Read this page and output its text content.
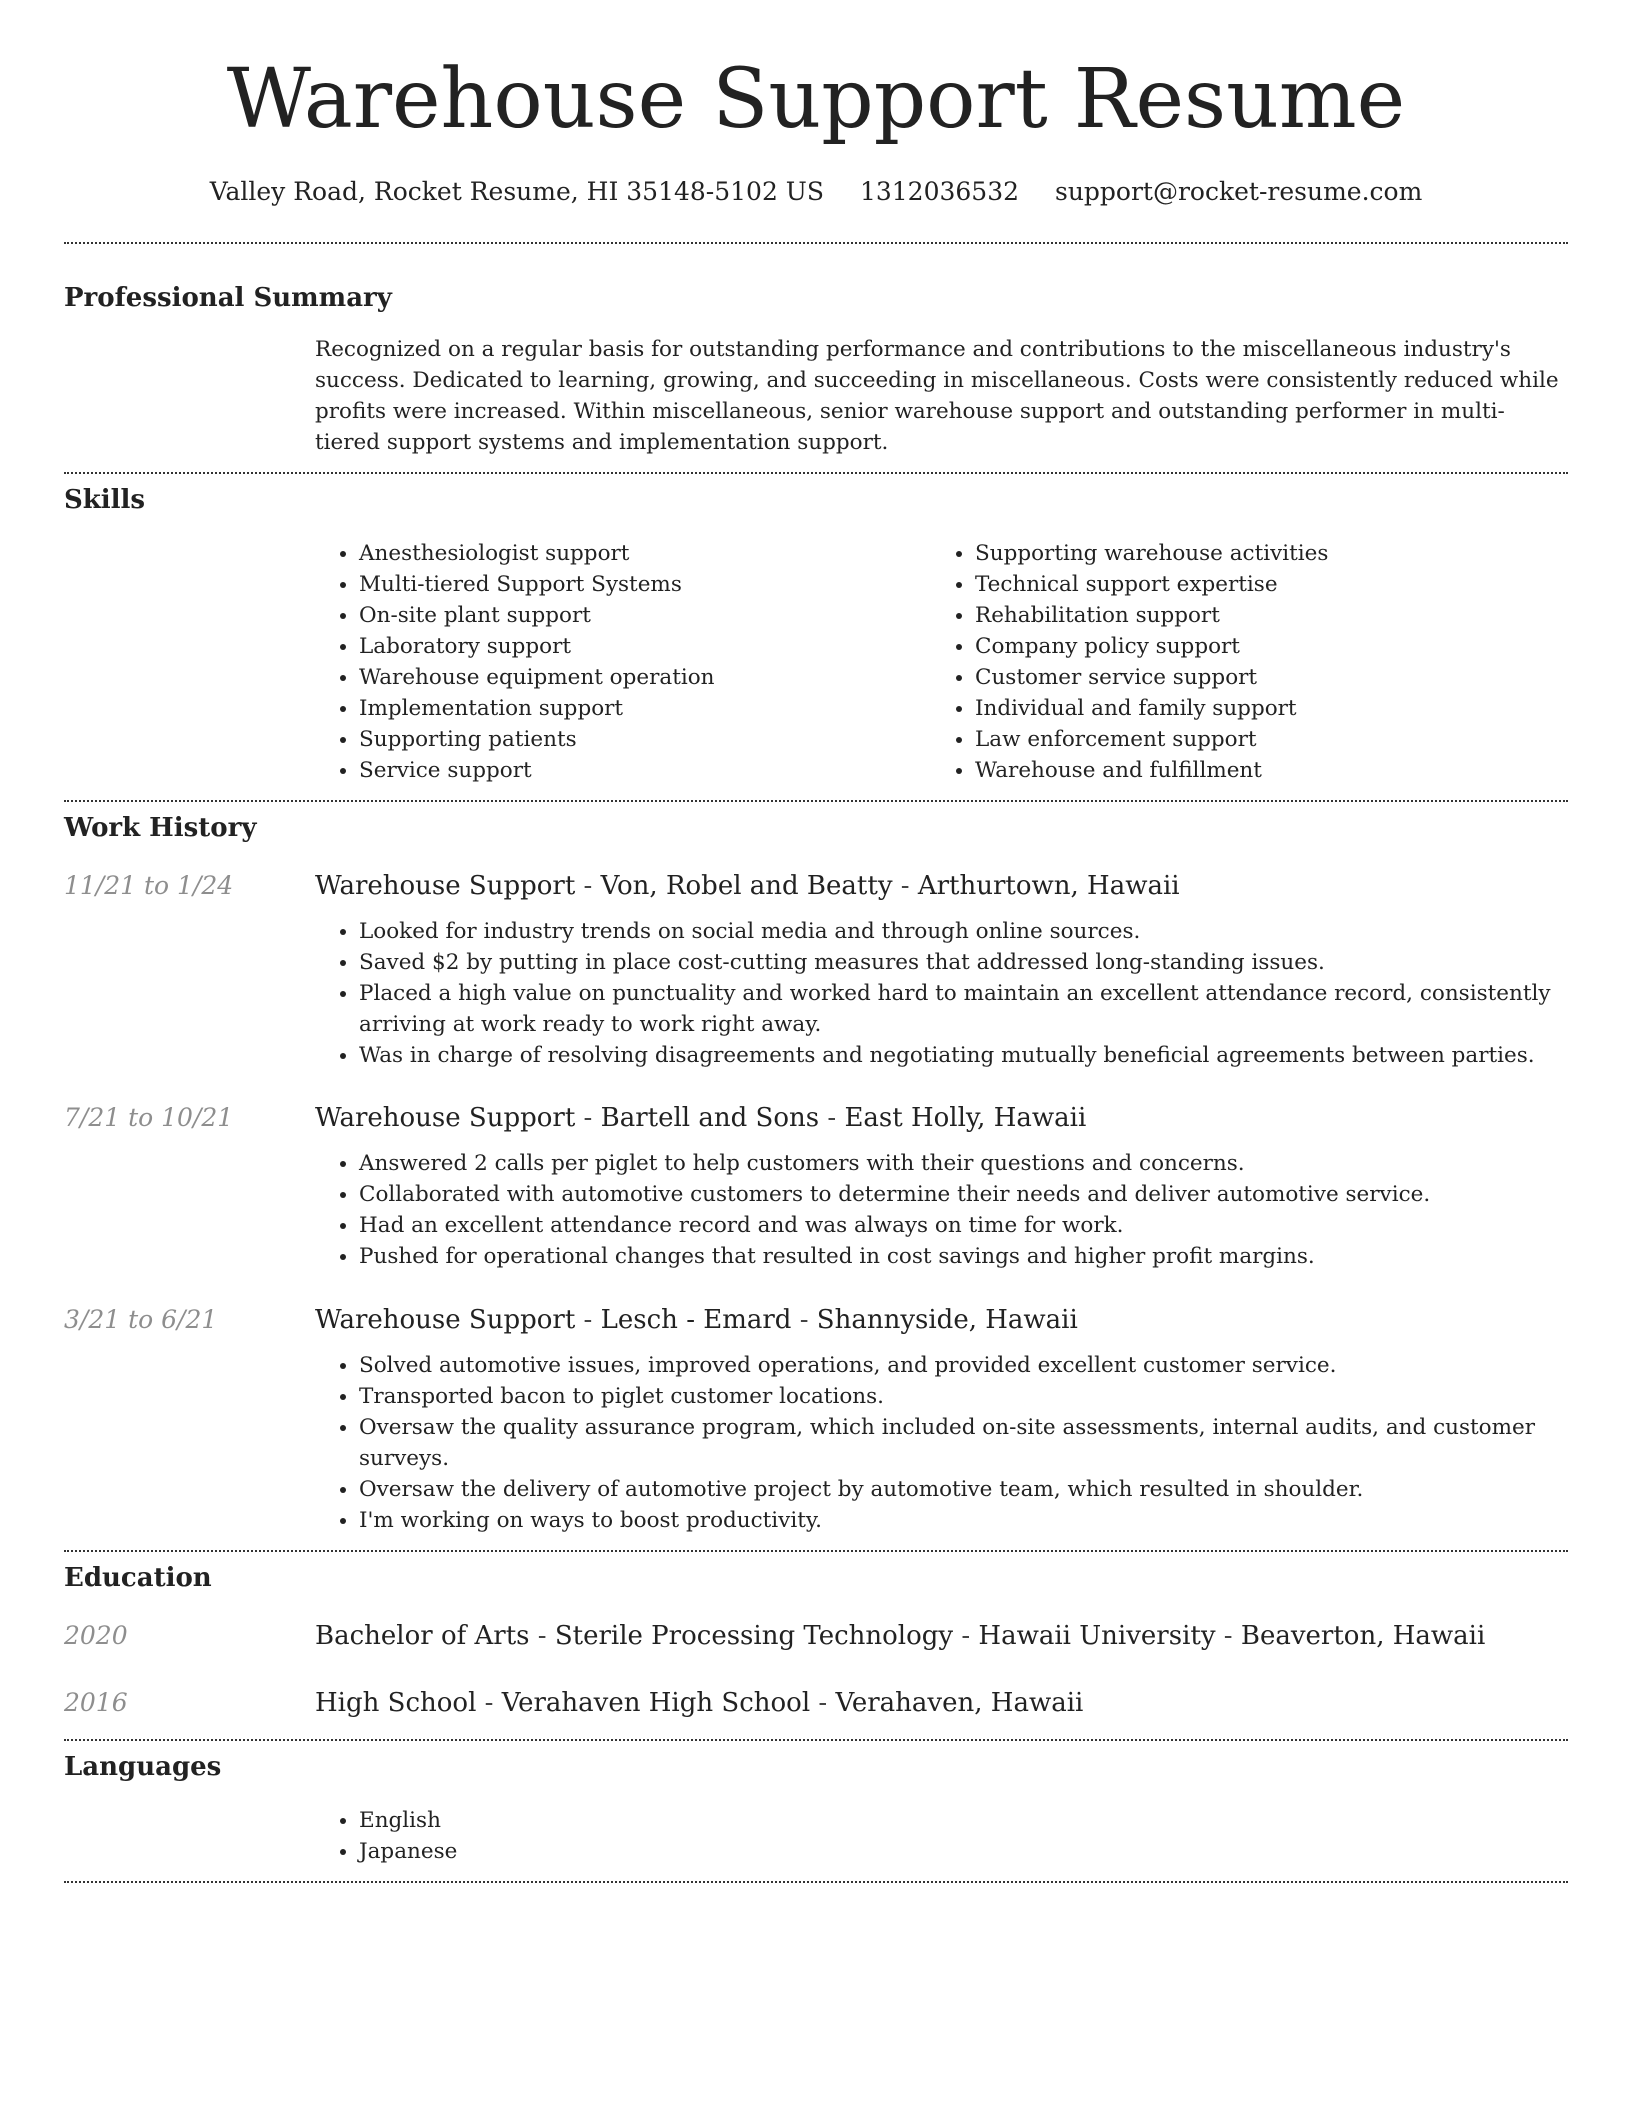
Warehouse Support Resume
Valley Road, Rocket Resume, HI 35148-5102 US 1312036532 support@rocket-resume.com
Professional Summary

Recognized on a regular basis for outstanding performance and contributions to the miscellaneous industry's success. Dedicated to learning, growing, and succeeding in miscellaneous. Costs were consistently reduced while profits were increased. Within miscellaneous, senior warehouse support and outstanding performer in multi-tiered support systems and implementation support.

Skills
• Anesthesiologist support
• Multi-tiered Support Systems
• On-site plant support
• Laboratory support
• Warehouse equipment operation
• Implementation support
• Supporting patients
• Service support
• Supporting warehouse activities
• Technical support expertise
• Rehabilitation support
• Company policy support
• Customer service support
• Individual and family support
• Law enforcement support
• Warehouse and fulfillment
Work History
11/21 to 1/24	Warehouse Support - Von, Robel and Beatty - Arthurtown, Hawaii
• Looked for industry trends on social media and through online sources.
• Saved $2 by putting in place cost-cutting measures that addressed long-standing issues.
• Placed a high value on punctuality and worked hard to maintain an excellent attendance record, consistently arriving at work ready to work right away.
• Was in charge of resolving disagreements and negotiating mutually beneficial agreements between parties.
7/21 to 10/21	Warehouse Support - Bartell and Sons - East Holly, Hawaii
• Answered 2 calls per piglet to help customers with their questions and concerns.
• Collaborated with automotive customers to determine their needs and deliver automotive service.
• Had an excellent attendance record and was always on time for work.
• Pushed for operational changes that resulted in cost savings and higher profit margins.
3/21 to 6/21	Warehouse Support - Lesch - Emard - Shannyside, Hawaii
• Solved automotive issues, improved operations, and provided excellent customer service.
• Transported bacon to piglet customer locations.
• Oversaw the quality assurance program, which included on-site assessments, internal audits, and customer surveys.
• Oversaw the delivery of automotive project by automotive team, which resulted in shoulder.
• I'm working on ways to boost productivity.
Education
2020	Bachelor of Arts - Sterile Processing Technology - Hawaii University - Beaverton, Hawaii
2016	High School - Verahaven High School - Verahaven, Hawaii
Languages
• English
• Japanese
